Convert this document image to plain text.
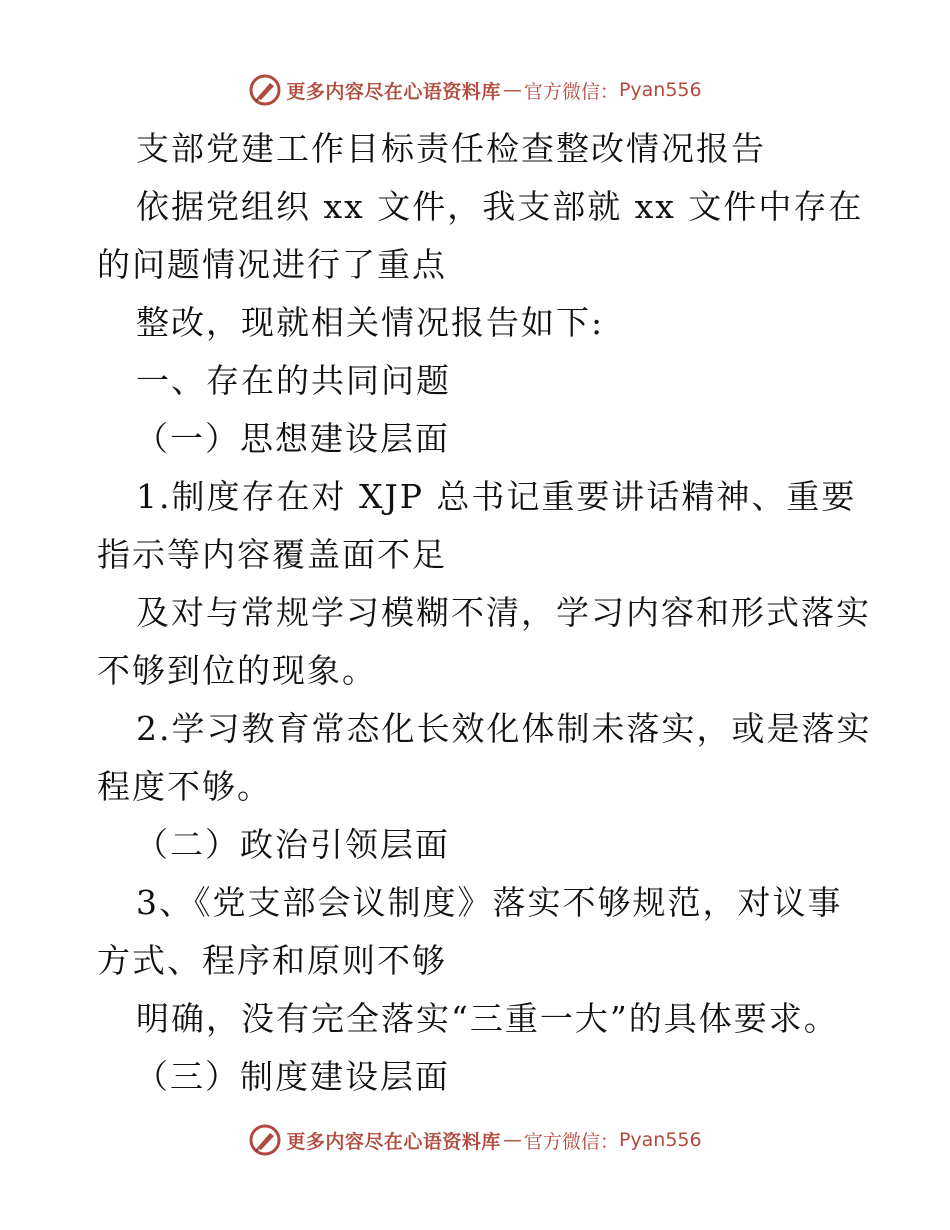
更多内容尽在心语资料库 — 官方微信： Pyan556
支部党建工作目标责任检查整改情况报告
依据党组织 xx 文件，我支部就 xx 文件中存在
的问题情况进行了重点
整改，现就相关情况报告如下:
一、存在的共同问题
（一）思想建设层面
1.制度存在对 XJP 总书记重要讲话精神、重要
指示等内容覆盖面不足
及对与常规学习模糊不清，学习内容和形式落实
不够到位的现象。
2.学习教育常态化长效化体制未落实，或是落实
程度不够。
（二）政治引领层面
3、《党支部会议制度》落实不够规范，对议事
方式、程序和原则不够
明确，没有完全落实“三重一大”的具体要求。
（三）制度建设层面
更多内容尽在心语资料库 — 官方微信： Pyan556
